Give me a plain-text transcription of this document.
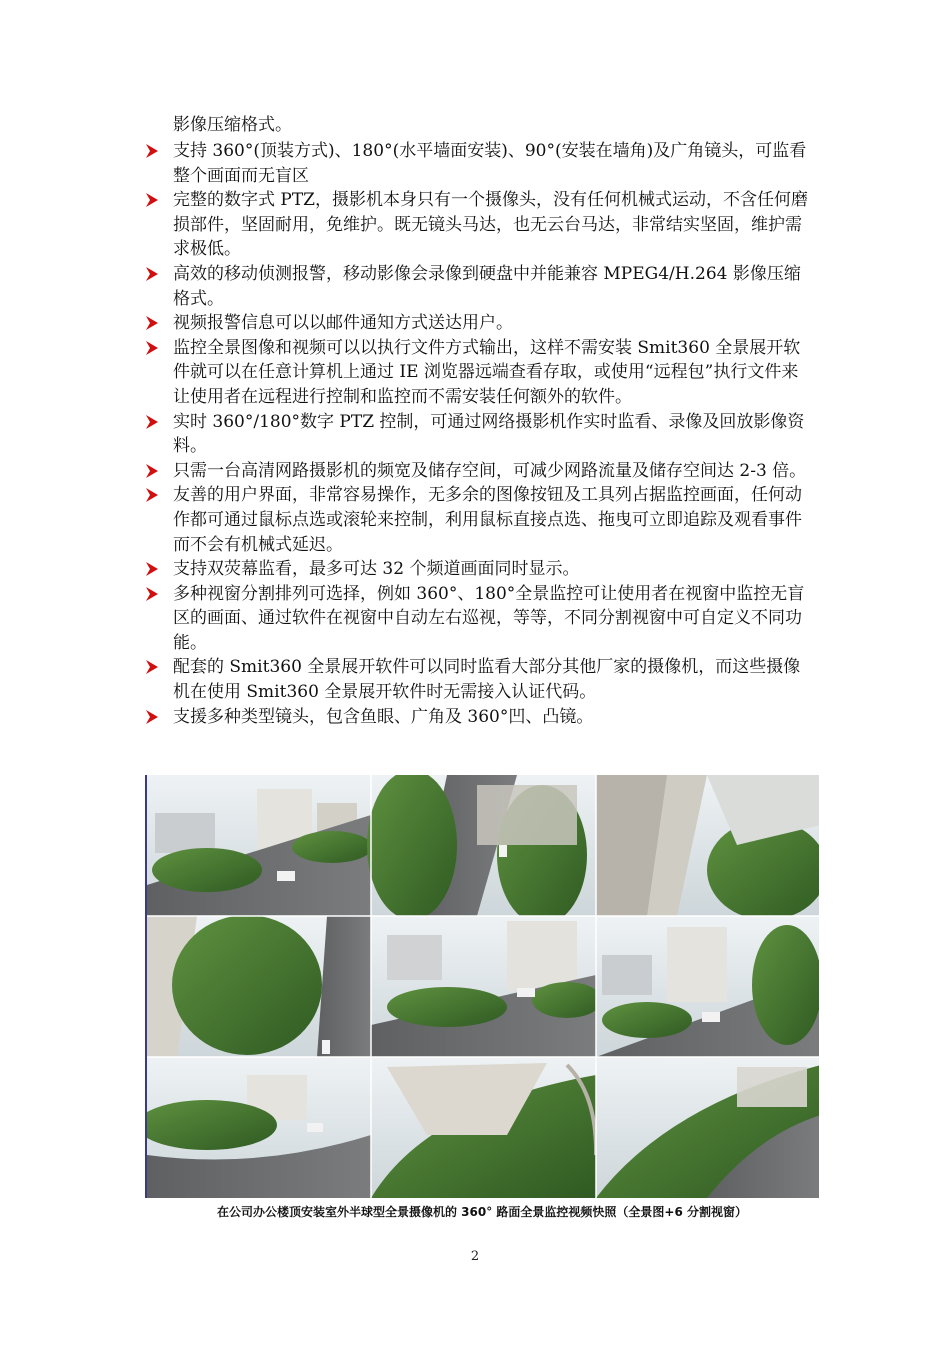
影像压缩格式。

支持 360°(顶装方式)、180°(水平墙面安装)、90°(安装在墙角)及广角镜头，可监看整个画面而无盲区
完整的数字式 PTZ，摄影机本身只有一个摄像头，没有任何机械式运动，不含任何磨损部件，坚固耐用，免维护。既无镜头马达，也无云台马达，非常结实坚固，维护需求极低。
高效的移动侦测报警，移动影像会录像到硬盘中并能兼容 MPEG4/H.264 影像压缩格式。
视频报警信息可以以邮件通知方式送达用户。
监控全景图像和视频可以以执行文件方式输出，这样不需安装 Smit360 全景展开软件就可以在任意计算机上通过 IE 浏览器远端查看存取，或使用“远程包”执行文件来让使用者在远程进行控制和监控而不需安装任何额外的软件。
实时 360°/180°数字 PTZ 控制，可通过网络摄影机作实时监看、录像及回放影像资料。
只需一台高清网路摄影机的频宽及储存空间，可减少网路流量及储存空间达 2-3 倍。
友善的用户界面，非常容易操作，无多余的图像按钮及工具列占据监控画面，任何动作都可通过鼠标点选或滚轮来控制，利用鼠标直接点选、拖曳可立即追踪及观看事件而不会有机械式延迟。
支持双荧幕监看，最多可达 32 个频道画面同时显示。
多种视窗分割排列可选择，例如 360°、180°全景监控可让使用者在视窗中监控无盲区的画面、通过软件在视窗中自动左右巡视，等等，不同分割视窗中可自定义不同功能。
配套的 Smit360 全景展开软件可以同时监看大部分其他厂家的摄像机，而这些摄像机在使用 Smit360 全景展开软件时无需接入认证代码。
支援多种类型镜头，包含鱼眼、广角及 360°凹、凸镜。
在公司办公楼顶安装室外半球型全景摄像机的 360° 路面全景监控视频快照（全景图+6 分割视窗）
2
